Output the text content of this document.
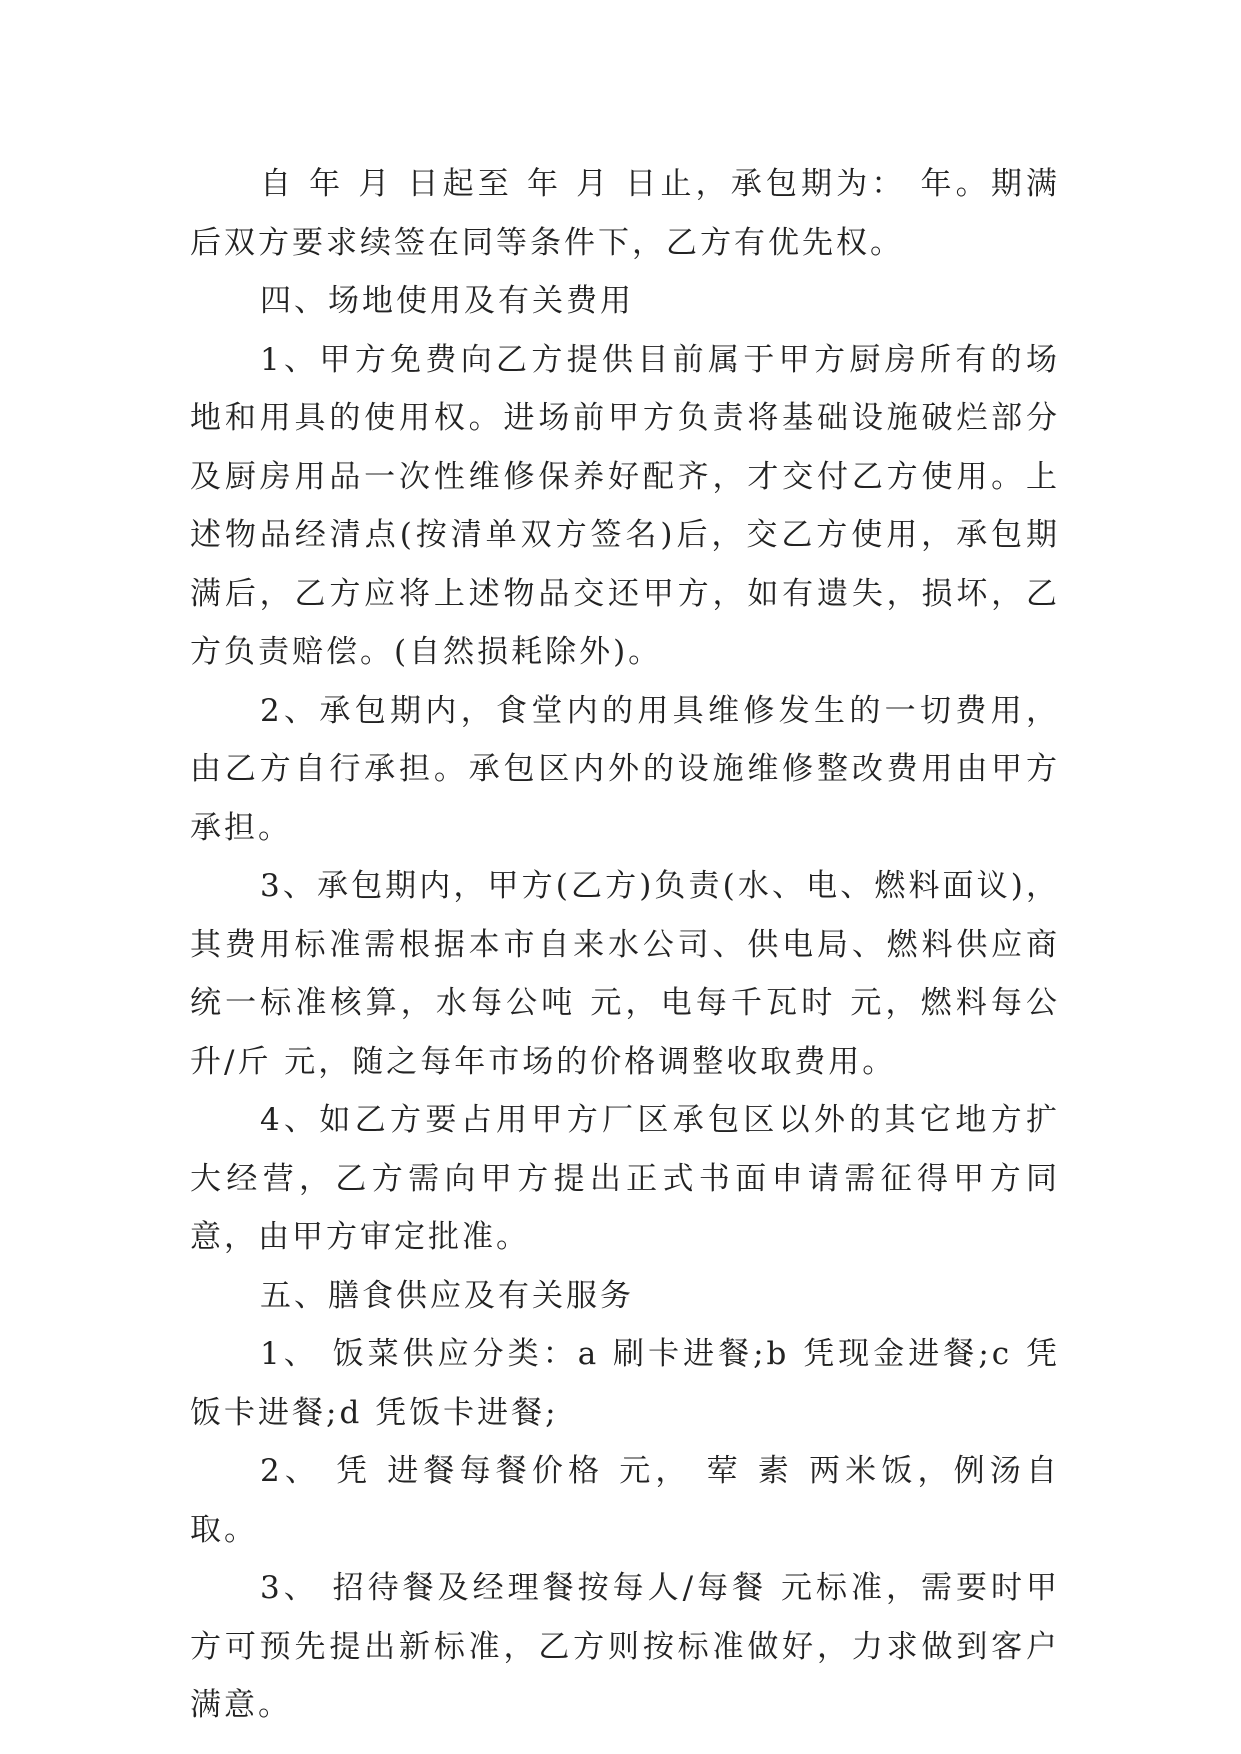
自 年 月 日起至 年 月 日止，承包期为： 年。期满后双方要求续签在同等条件下，乙方有优先权。

四、场地使用及有关费用

1、甲方免费向乙方提供目前属于甲方厨房所有的场地和用具的使用权。进场前甲方负责将基础设施破烂部分及厨房用品一次性维修保养好配齐，才交付乙方使用。上述物品经清点(按清单双方签名)后，交乙方使用，承包期满后，乙方应将上述物品交还甲方，如有遗失，损坏，乙方负责赔偿。(自然损耗除外)。

2、承包期内，食堂内的用具维修发生的一切费用，由乙方自行承担。承包区内外的设施维修整改费用由甲方承担。

3、承包期内，甲方(乙方)负责(水、电、燃料面议)，其费用标准需根据本市自来水公司、供电局、燃料供应商统一标准核算，水每公吨 元，电每千瓦时 元，燃料每公升/斤 元，随之每年市场的价格调整收取费用。

4、如乙方要占用甲方厂区承包区以外的其它地方扩大经营，乙方需向甲方提出正式书面申请需征得甲方同意，由甲方审定批准。

五、膳食供应及有关服务

1、 饭菜供应分类：a 刷卡进餐;b 凭现金进餐;c 凭饭卡进餐;d 凭饭卡进餐;

2、 凭 进餐每餐价格 元， 荤 素 两米饭，例汤自取。

3、 招待餐及经理餐按每人/每餐 元标准，需要时甲方可预先提出新标准，乙方则按标准做好，力求做到客户满意。
